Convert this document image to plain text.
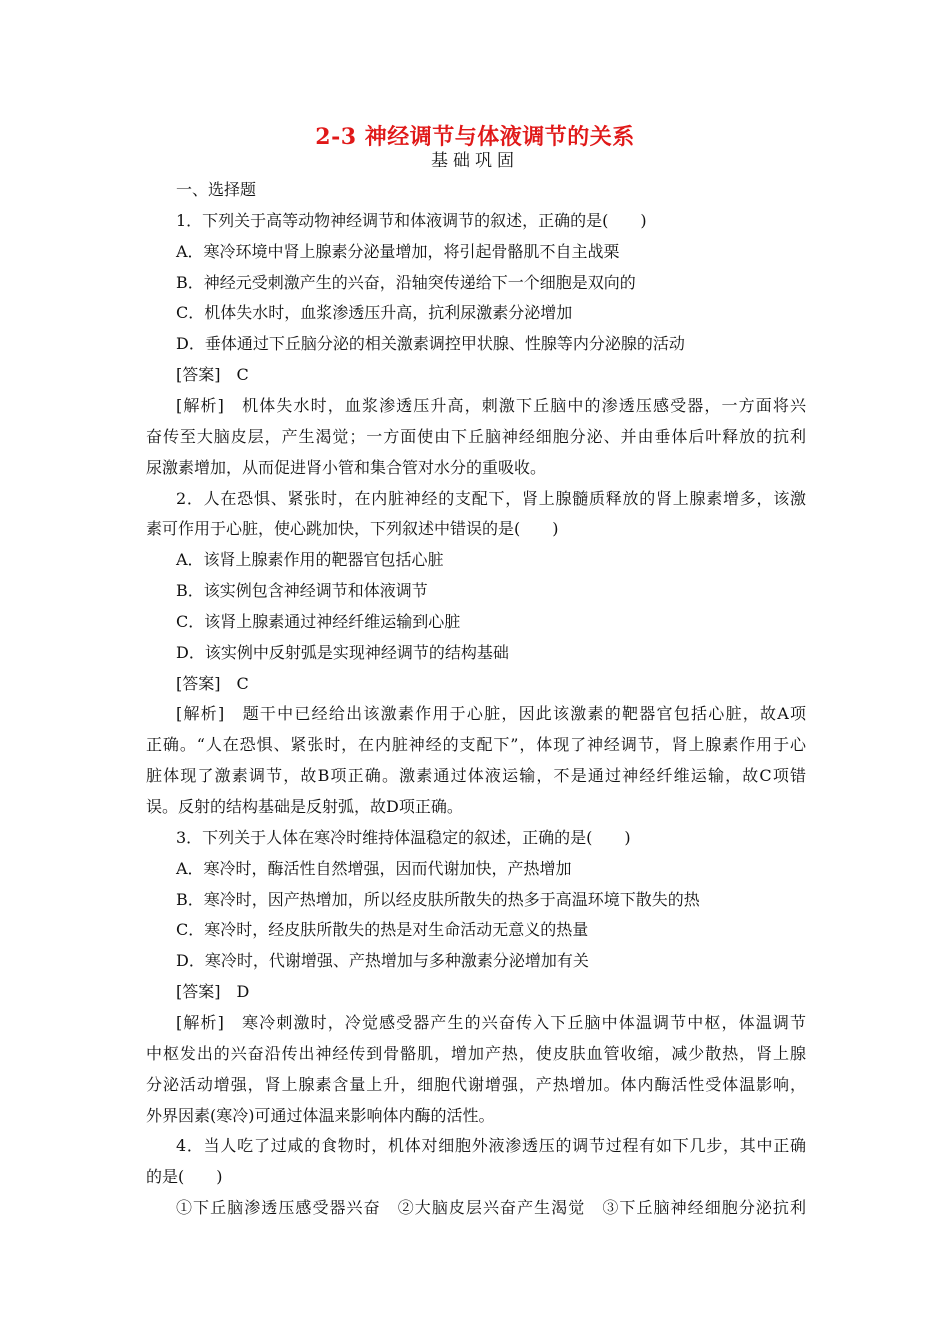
2-3 神经调节与体液调节的关系
基础巩固
一、选择题
1．下列关于高等动物神经调节和体液调节的叙述，正确的是(　　)
A．寒冷环境中肾上腺素分泌量增加，将引起骨骼肌不自主战栗
B．神经元受刺激产生的兴奋，沿轴突传递给下一个细胞是双向的
C．机体失水时，血浆渗透压升高，抗利尿激素分泌增加
D．垂体通过下丘脑分泌的相关激素调控甲状腺、性腺等内分泌腺的活动
[答案]　C
[解析]　机体失水时，血浆渗透压升高，刺激下丘脑中的渗透压感受器，一方面将兴
奋传至大脑皮层，产生渴觉；一方面使由下丘脑神经细胞分泌、并由垂体后叶释放的抗利
尿激素增加，从而促进肾小管和集合管对水分的重吸收。
2．人在恐惧、紧张时，在内脏神经的支配下，肾上腺髓质释放的肾上腺素增多，该激
素可作用于心脏，使心跳加快，下列叙述中错误的是(　　)
A．该肾上腺素作用的靶器官包括心脏
B．该实例包含神经调节和体液调节
C．该肾上腺素通过神经纤维运输到心脏
D．该实例中反射弧是实现神经调节的结构基础
[答案]　C
[解析]　题干中已经给出该激素作用于心脏，因此该激素的靶器官包括心脏，故A项
正确。“人在恐惧、紧张时，在内脏神经的支配下”，体现了神经调节，肾上腺素作用于心
脏体现了激素调节，故B项正确。激素通过体液运输，不是通过神经纤维运输，故C项错
误。反射的结构基础是反射弧，故D项正确。
3．下列关于人体在寒冷时维持体温稳定的叙述，正确的是(　　)
A．寒冷时，酶活性自然增强，因而代谢加快，产热增加
B．寒冷时，因产热增加，所以经皮肤所散失的热多于高温环境下散失的热
C．寒冷时，经皮肤所散失的热是对生命活动无意义的热量
D．寒冷时，代谢增强、产热增加与多种激素分泌增加有关
[答案]　D
[解析]　寒冷刺激时，冷觉感受器产生的兴奋传入下丘脑中体温调节中枢，体温调节
中枢发出的兴奋沿传出神经传到骨骼肌，增加产热，使皮肤血管收缩，减少散热，肾上腺
分泌活动增强，肾上腺素含量上升，细胞代谢增强，产热增加。体内酶活性受体温影响，
外界因素(寒冷)可通过体温来影响体内酶的活性。
4．当人吃了过咸的食物时，机体对细胞外液渗透压的调节过程有如下几步，其中正确
的是(　　)
①下丘脑渗透压感受器兴奋　②大脑皮层兴奋产生渴觉　③下丘脑神经细胞分泌抗利
